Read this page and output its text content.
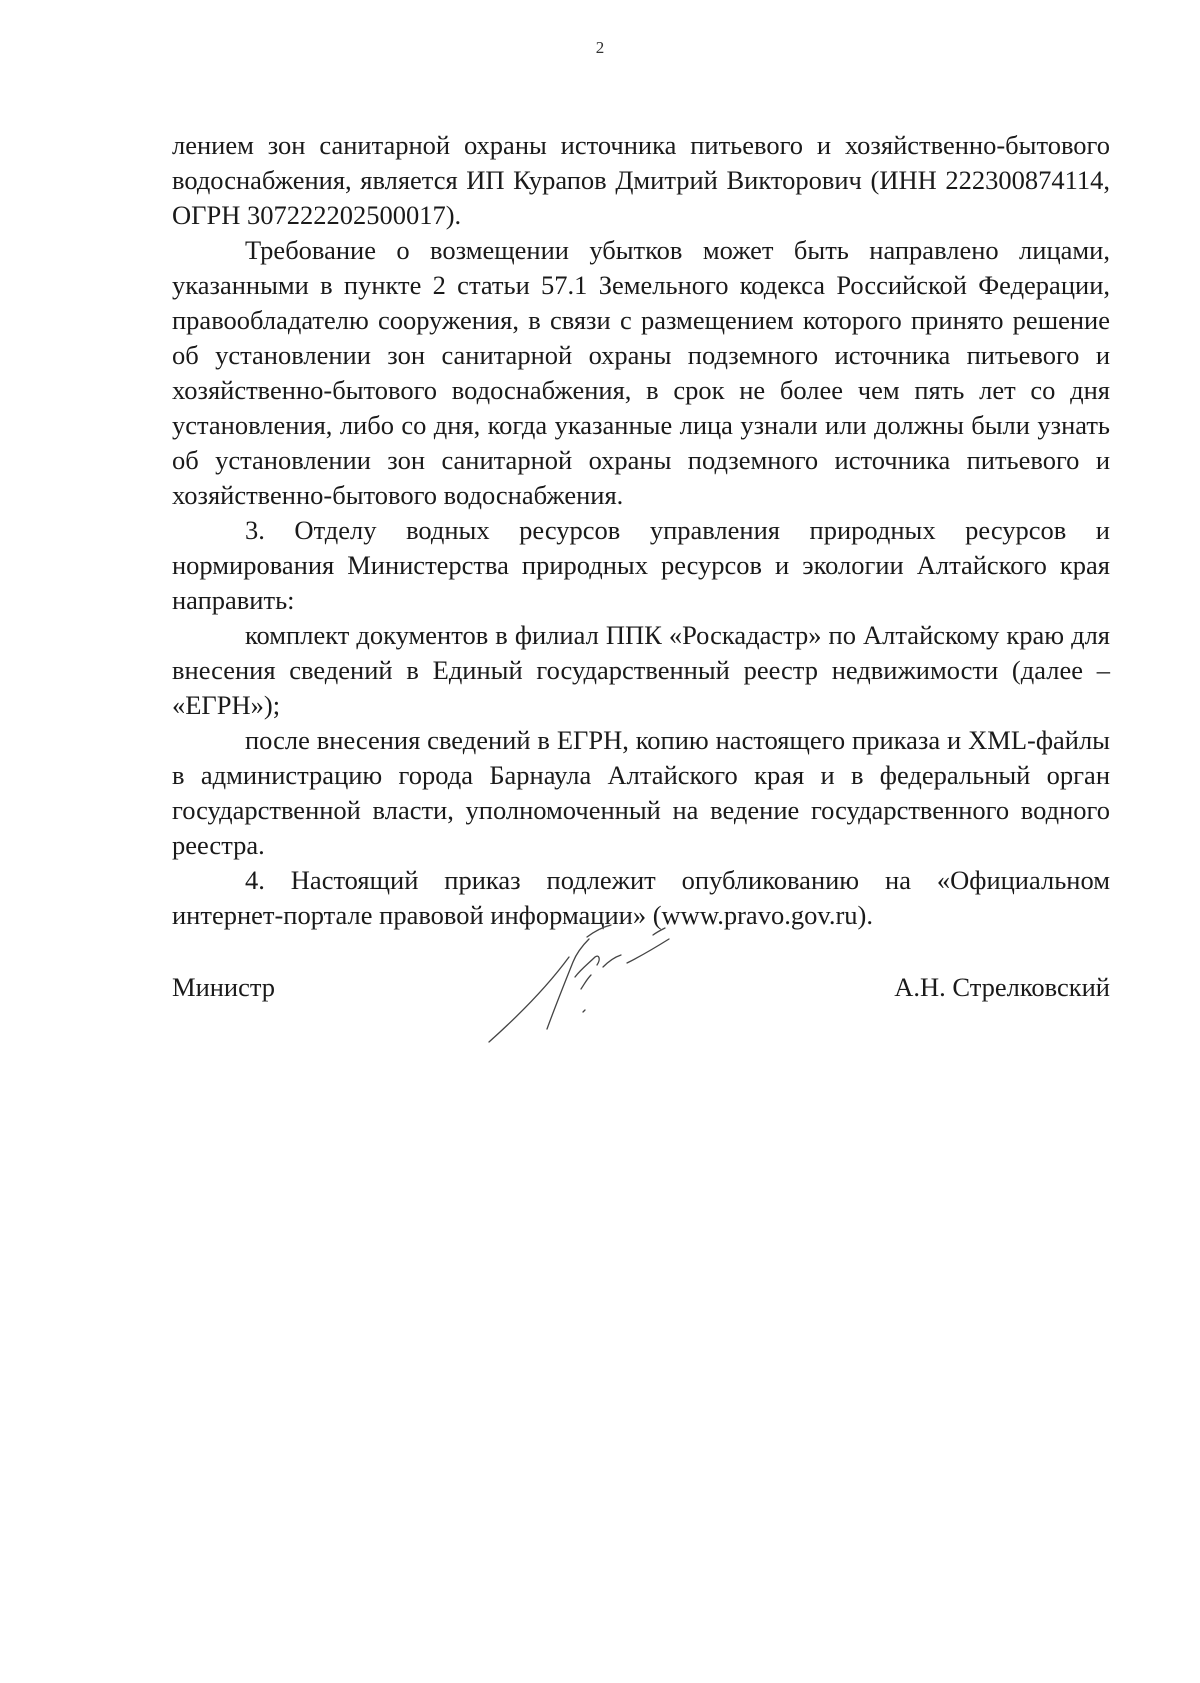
2

лением зон санитарной охраны источника питьевого и хозяйственно-бытового водоснабжения, является ИП Курапов Дмитрий Викторович (ИНН 222300874114, ОГРН 307222202500017).

Требование о возмещении убытков может быть направлено лицами, указанными в пункте 2 статьи 57.1 Земельного кодекса Российской Федерации, правообладателю сооружения, в связи с размещением которого принято решение об установлении зон санитарной охраны подземного источника питьевого и хозяйственно-бытового водоснабжения, в срок не более чем пять лет со дня установления, либо со дня, когда указанные лица узнали или должны были узнать об установлении зон санитарной охраны подземного источника питьевого и хозяйственно-бытового водоснабжения.

3. Отделу водных ресурсов управления природных ресурсов и нормирования Министерства природных ресурсов и экологии Алтайского края направить:

комплект документов в филиал ППК «Роскадастр» по Алтайскому краю для внесения сведений в Единый государственный реестр недвижимости (далее – «ЕГРН»);

после внесения сведений в ЕГРН, копию настоящего приказа и XML-файлы в администрацию города Барнаула Алтайского края и в федеральный орган государственной власти, уполномоченный на ведение государственного водного реестра.

4. Настоящий приказ подлежит опубликованию на «Официальном интернет-портале правовой информации» (www.pravo.gov.ru).

Министр	А.Н. Стрелковский
